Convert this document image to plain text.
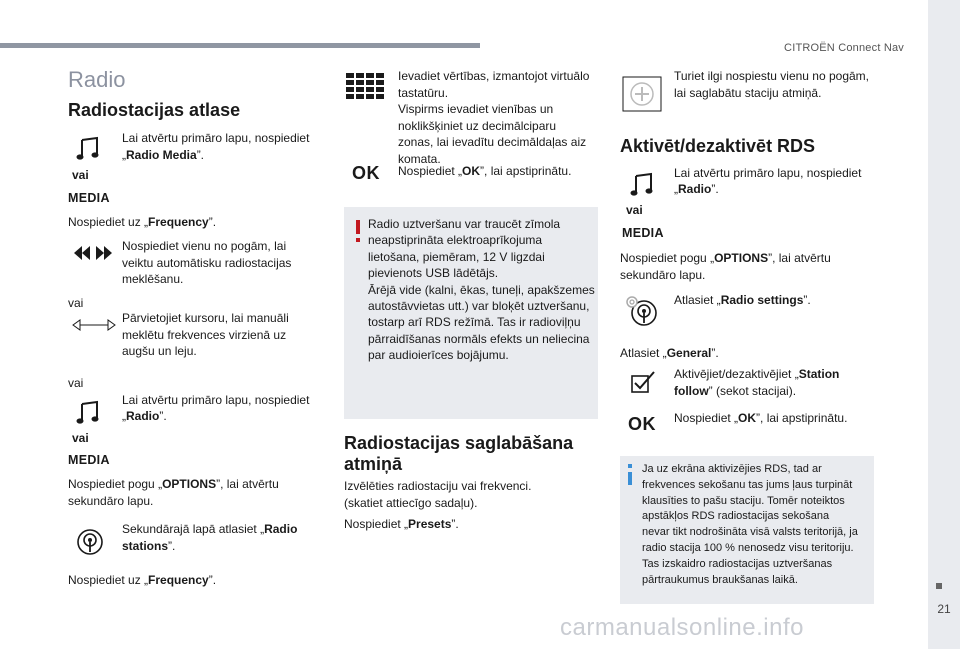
CITROËN Connect Nav
21
carmanualsonline.info
Radio
Radiostacijas atlase
vai
MEDIA
Lai atvērtu primāro lapu, nospiediet
„Radio Media”.
Nospiediet uz „Frequency”.
Nospiediet vienu no pogām, lai
veiktu automātisku radiostacijas
meklēšanu.
vai
Pārvietojiet kursoru, lai manuāli
meklētu frekvences virzienā uz
augšu un leju.
vai
vai
MEDIA
Lai atvērtu primāro lapu, nospiediet
„Radio”.
Nospiediet pogu „OPTIONS”, lai atvērtu
sekundāro lapu.
Sekundārajā lapā atlasiet „Radio
stations”.
Nospiediet uz „Frequency”.
Ievadiet vērtības, izmantojot virtuālo
tastatūru.
Vispirms ievadiet vienības un
noklikšķiniet uz decimālciparu
zonas, lai ievadītu decimāldaļas aiz
komata.
OK Nospiediet „OK”, lai apstiprinātu.
Radio uztveršanu var traucēt zīmola
neapstiprināta elektroaprīkojuma
lietošana, piemēram, 12 V ligzdai
pievienots USB lādētājs.
Ārējā vide (kalni, ēkas, tuneļi, apakšzemes
autostāvvietas utt.) var bloķēt uztveršanu,
tostarp arī RDS režīmā. Tas ir radioviļņu
pārraidīšanas normāls efekts un neliecina
par audioierīces bojājumu.
Radiostacijas saglabāšana
atmiņā
Izvēlēties radiostaciju vai frekvenci.
(skatiet attiecīgo sadaļu).
Nospiediet „Presets”.
Turiet ilgi nospiestu vienu no pogām,
lai saglabātu staciju atmiņā.
Aktivēt/dezaktivēt RDS
vai
MEDIA
Lai atvērtu primāro lapu, nospiediet
„Radio”.
Nospiediet pogu „OPTIONS”, lai atvērtu
sekundāro lapu.
Atlasiet „Radio settings”.
Atlasiet „General”.
Aktivējiet/dezaktivējiet „Station
follow” (sekot stacijai).
OK Nospiediet „OK”, lai apstiprinātu.
Ja uz ekrāna aktivizējies RDS, tad ar
frekvences sekošanu tas jums ļaus turpināt
klausīties to pašu staciju. Tomēr noteiktos
apstākļos RDS radiostacijas sekošana
nevar tikt nodrošināta visā valsts teritorijā, ja
radio stacija 100 % nenosedz visu teritoriju.
Tas izskaidro radiostacijas uztveršanas
pārtraukumus braukšanas laikā.
